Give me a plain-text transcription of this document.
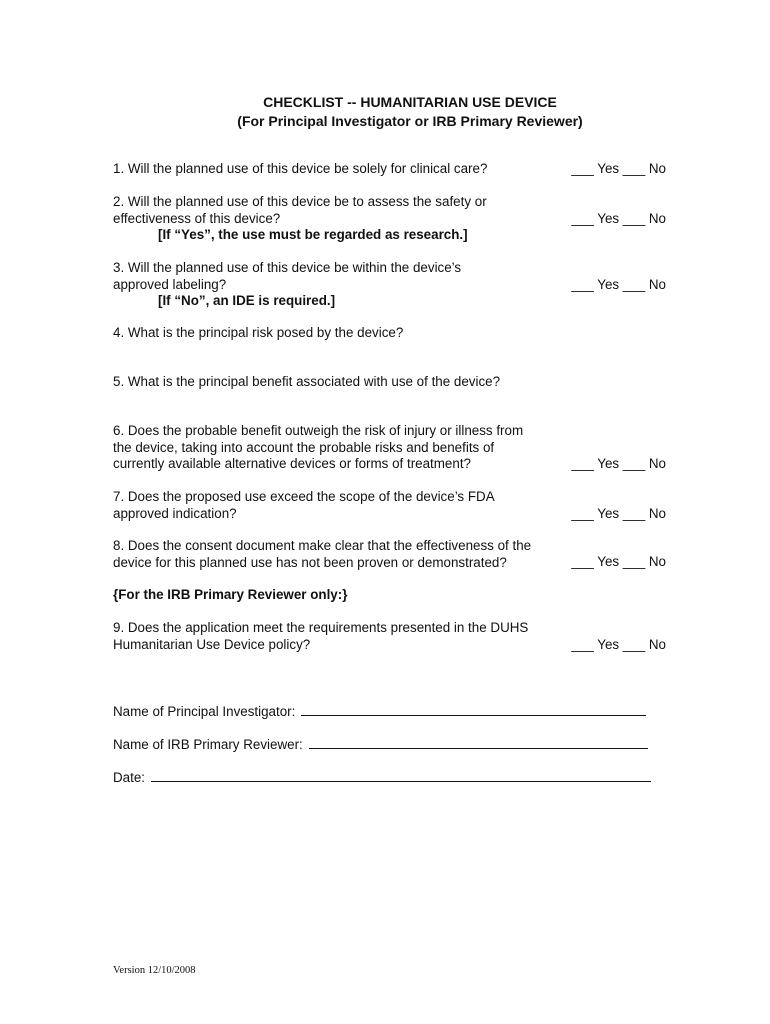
CHECKLIST -- HUMANITARIAN USE DEVICE
(For Principal Investigator or IRB Primary Reviewer)
1. Will the planned use of this device be solely for clinical care?	___ Yes ___ No
2. Will the planned use of this device be to assess the safety or
effectiveness of this device?
[If “Yes”, the use must be regarded as research.]
___ Yes ___ No
3. Will the planned use of this device be within the device’s
approved labeling?
[If “No”, an IDE is required.]
___ Yes ___ No
4. What is the principal risk posed by the device?
5. What is the principal benefit associated with use of the device?
6. Does the probable benefit outweigh the risk of injury or illness from
the device, taking into account the probable risks and benefits of
currently available alternative devices or forms of treatment?	___ Yes ___ No
7. Does the proposed use exceed the scope of the device’s FDA
approved indication?	___ Yes ___ No
8. Does the consent document make clear that the effectiveness of the
device for this planned use has not been proven or demonstrated?	___ Yes ___ No
{For the IRB Primary Reviewer only:}
9. Does the application meet the requirements presented in the DUHS
Humanitarian Use Device policy?	___ Yes ___ No
Name of Principal Investigator:
Name of IRB Primary Reviewer:
Date:
Version 12/10/2008
